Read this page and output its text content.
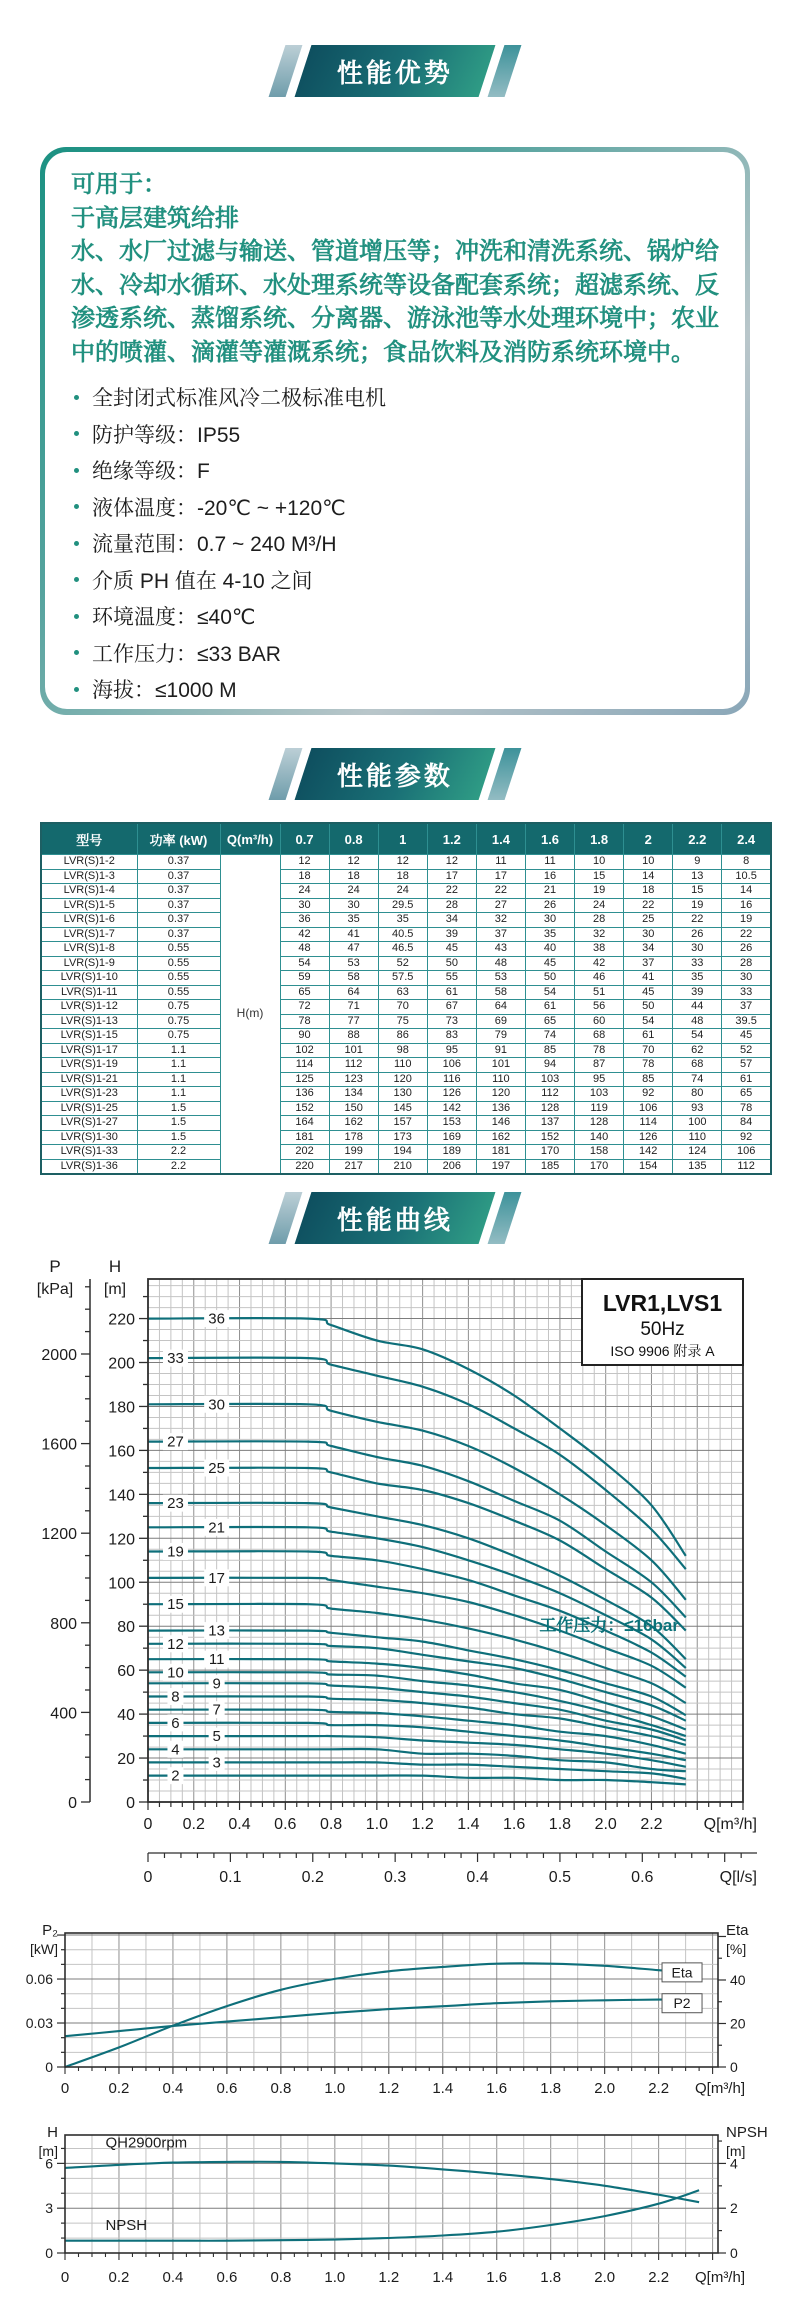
性能优势
可用于：
于高层建筑给排
水、水厂过滤与输送、管道增压等；冲洗和清洗系统、锅炉给
水、冷却水循环、水处理系统等设备配套系统；超滤系统、反
渗透系统、蒸馏系统、分离器、游泳池等水处理环境中；农业
中的喷灌、滴灌等灌溉系统；食品饮料及消防系统环境中。
全封闭式标准风冷二极标准电机
防护等级：IP55
绝缘等级：F
液体温度：-20℃ ~ +120℃
流量范围：0.7 ~ 240 M³/H
介质 PH 值在 4-10 之间
环境温度：≤40℃
工作压力：≤33 BAR
海拔：≤1000 M
性能参数
型号	功率 (kW)	Q(m³/h)	0.7	0.8	1	1.2	1.4	1.6	1.8	2	2.2	2.4
LVR(S)1-2	0.37	H(m)	12	12	12	12	11	11	10	10	9	8
LVR(S)1-3	0.37		18	18	18	17	17	16	15	14	13	10.5
LVR(S)1-4	0.37		24	24	24	22	22	21	19	18	15	14
LVR(S)1-5	0.37		30	30	29.5	28	27	26	24	22	19	16
LVR(S)1-6	0.37		36	35	35	34	32	30	28	25	22	19
LVR(S)1-7	0.37		42	41	40.5	39	37	35	32	30	26	22
LVR(S)1-8	0.55		48	47	46.5	45	43	40	38	34	30	26
LVR(S)1-9	0.55		54	53	52	50	48	45	42	37	33	28
LVR(S)1-10	0.55		59	58	57.5	55	53	50	46	41	35	30
LVR(S)1-11	0.55		65	64	63	61	58	54	51	45	39	33
LVR(S)1-12	0.75		72	71	70	67	64	61	56	50	44	37
LVR(S)1-13	0.75		78	77	75	73	69	65	60	54	48	39.5
LVR(S)1-15	0.75		90	88	86	83	79	74	68	61	54	45
LVR(S)1-17	1.1		102	101	98	95	91	85	78	70	62	52
LVR(S)1-19	1.1		114	112	110	106	101	94	87	78	68	57
LVR(S)1-21	1.1		125	123	120	116	110	103	95	85	74	61
LVR(S)1-23	1.1		136	134	130	126	120	112	103	92	80	65
LVR(S)1-25	1.5		152	150	145	142	136	128	119	106	93	78
LVR(S)1-27	1.5		164	162	157	153	146	137	128	114	100	84
LVR(S)1-30	1.5		181	178	173	169	162	152	140	126	110	92
LVR(S)1-33	2.2		202	199	194	189	181	170	158	142	124	106
LVR(S)1-36	2.2		220	217	210	206	197	185	170	154	135	112
性能曲线
36
33
30
27
25
23
21
19
17
15
13
12
11
10
9
8
7
6
5
4
3
2
0
20
40
60
80
100
120
140
160
180
200
220
H
[m]
0
400
800
1200
1600
2000
P
[kPa]
0 0.2 0.4 0.6 0.8 1.0 1.2 1.4 1.6 1.8 2.0 2.2	Q[m³/h]
0	0.1	0.2	0.3	0.4	0.5	0.6	Q[l/s]
LVR1,LVS1
50Hz
ISO 9906 附录 A
工作压力：≤16bar
0
0.03
0.06
0
20
40
0	0.2 0.4 0.6 0.8 1.0 1.2 1.4 1.6 1.8 2.0 2.2 Q[m³/h]
P₂
[kW]
Eta
[%]
Eta
P2
0
3
6
0
2
4
0	0.2 0.4 0.6 0.8 1.0 1.2 1.4 1.6 1.8 2.0 2.2 Q[m³/h]
H
[m]
NPSH
[m]
QH2900rpm
NPSH
